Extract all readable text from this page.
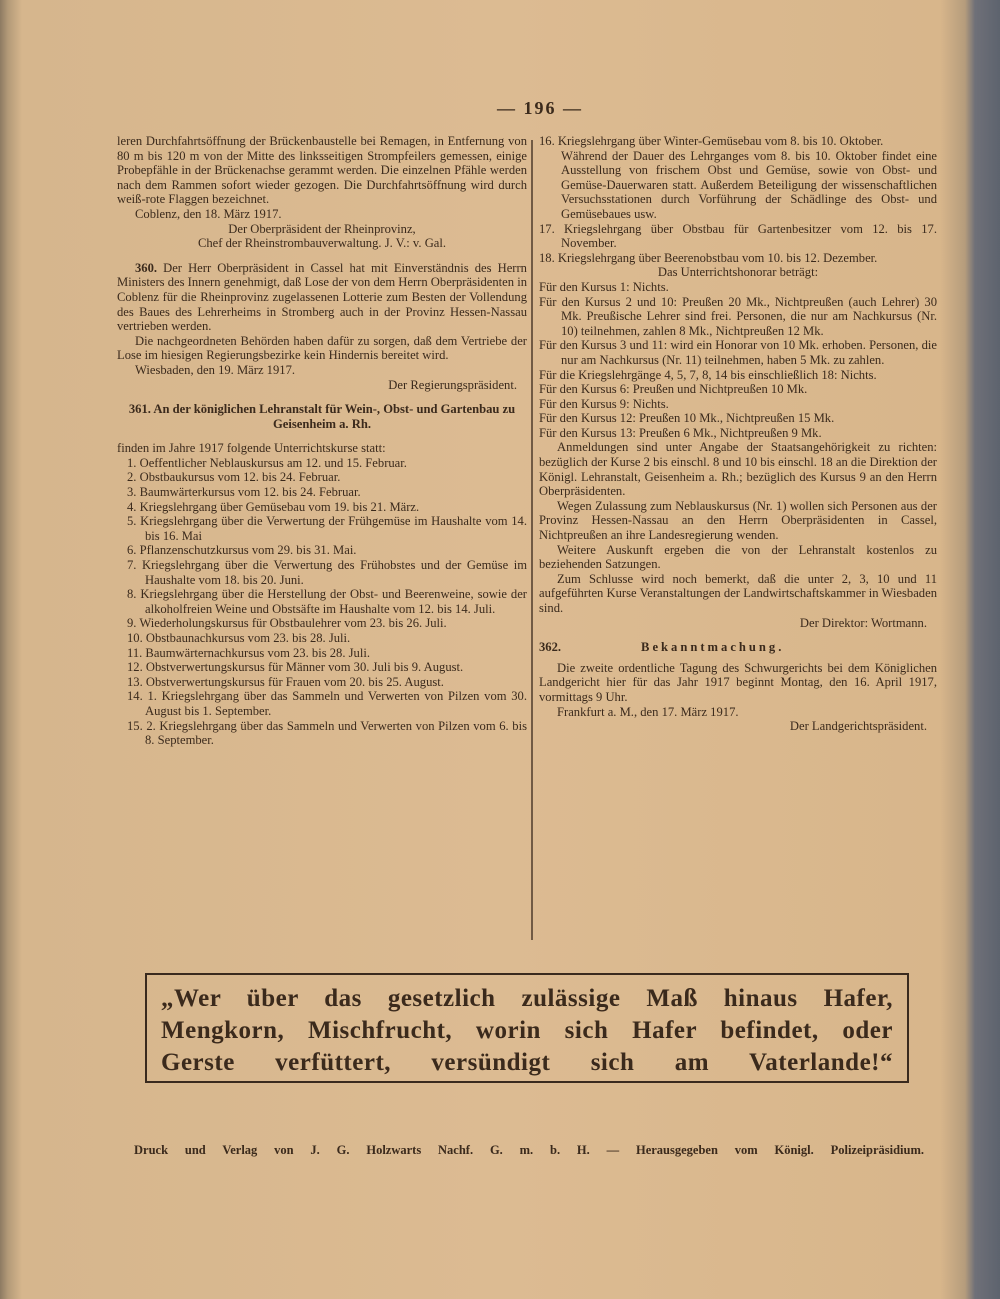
— 196 —

leren Durchfahrtsöffnung der Brückenbaustelle bei Remagen, in Entfernung von 80 m bis 120 m von der Mitte des linksseitigen Strompfeilers gemessen, einige Probepfähle in der Brückenachse gerammt werden. Die einzelnen Pfähle werden nach dem Rammen sofort wieder gezogen. Die Durchfahrtsöffnung wird durch weiß-rote Flaggen bezeichnet.

Coblenz, den 18. März 1917.

Der Oberpräsident der Rheinprovinz,

Chef der Rheinstrombauverwaltung. J. V.: v. Gal.

360. Der Herr Oberpräsident in Cassel hat mit Einverständnis des Herrn Ministers des Innern genehmigt, daß Lose der von dem Herrn Oberpräsidenten in Coblenz für die Rheinprovinz zugelassenen Lotterie zum Besten der Vollendung des Baues des Lehrerheims in Stromberg auch in der Provinz Hessen-Nassau vertrieben werden.

Die nachgeordneten Behörden haben dafür zu sorgen, daß dem Vertriebe der Lose im hiesigen Regierungsbezirke kein Hindernis bereitet wird.

Wiesbaden, den 19. März 1917.

Der Regierungspräsident.

361. An der königlichen Lehranstalt für Wein-, Obst- und Gartenbau zu Geisenheim a. Rh.

finden im Jahre 1917 folgende Unterrichtskurse statt:

1. Oeffentlicher Neblauskursus am 12. und 15. Februar.

2. Obstbaukursus vom 12. bis 24. Februar.

3. Baumwärterkursus vom 12. bis 24. Februar.

4. Kriegslehrgang über Gemüsebau vom 19. bis 21. März.

5. Kriegslehrgang über die Verwertung der Frühgemüse im Haushalte vom 14. bis 16. Mai

6. Pflanzenschutzkursus vom 29. bis 31. Mai.

7. Kriegslehrgang über die Verwertung des Frühobstes und der Gemüse im Haushalte vom 18. bis 20. Juni.

8. Kriegslehrgang über die Herstellung der Obst- und Beerenweine, sowie der alkoholfreien Weine und Obstsäfte im Haushalte vom 12. bis 14. Juli.

9. Wiederholungskursus für Obstbaulehrer vom 23. bis 26. Juli.

10. Obstbaunachkursus vom 23. bis 28. Juli.

11. Baumwärternachkursus vom 23. bis 28. Juli.

12. Obstverwertungskursus für Männer vom 30. Juli bis 9. August.

13. Obstverwertungskursus für Frauen vom 20. bis 25. August.

14. 1. Kriegslehrgang über das Sammeln und Verwerten von Pilzen vom 30. August bis 1. September.

15. 2. Kriegslehrgang über das Sammeln und Verwerten von Pilzen vom 6. bis 8. September.

16. Kriegslehrgang über Winter-Gemüsebau vom 8. bis 10. Oktober.

Während der Dauer des Lehrganges vom 8. bis 10. Oktober findet eine Ausstellung von frischem Obst und Gemüse, sowie von Obst- und Gemüse-Dauerwaren statt. Außerdem Beteiligung der wissenschaftlichen Versuchsstationen durch Vorführung der Schädlinge des Obst- und Gemüsebaues usw.

17. Kriegslehrgang über Obstbau für Gartenbesitzer vom 12. bis 17. November.

18. Kriegslehrgang über Beerenobstbau vom 10. bis 12. Dezember.

Das Unterrichtshonorar beträgt:

Für den Kursus 1: Nichts.

Für den Kursus 2 und 10: Preußen 20 Mk., Nichtpreußen (auch Lehrer) 30 Mk. Preußische Lehrer sind frei. Personen, die nur am Nachkursus (Nr. 10) teilnehmen, zahlen 8 Mk., Nichtpreußen 12 Mk.

Für den Kursus 3 und 11: wird ein Honorar von 10 Mk. erhoben. Personen, die nur am Nachkursus (Nr. 11) teilnehmen, haben 5 Mk. zu zahlen.

Für die Kriegslehrgänge 4, 5, 7, 8, 14 bis einschließlich 18: Nichts.

Für den Kursus 6: Preußen und Nichtpreußen 10 Mk.

Für den Kursus 9: Nichts.

Für den Kursus 12: Preußen 10 Mk., Nichtpreußen 15 Mk.

Für den Kursus 13: Preußen 6 Mk., Nichtpreußen 9 Mk.

Anmeldungen sind unter Angabe der Staatsangehörigkeit zu richten: bezüglich der Kurse 2 bis einschl. 8 und 10 bis einschl. 18 an die Direktion der Königl. Lehranstalt, Geisenheim a. Rh.; bezüglich des Kursus 9 an den Herrn Oberpräsidenten.

Wegen Zulassung zum Neblauskursus (Nr. 1) wollen sich Personen aus der Provinz Hessen-Nassau an den Herrn Oberpräsidenten in Cassel, Nichtpreußen an ihre Landesregierung wenden.

Weitere Auskunft ergeben die von der Lehranstalt kostenlos zu beziehenden Satzungen.

Zum Schlusse wird noch bemerkt, daß die unter 2, 3, 10 und 11 aufgeführten Kurse Veranstaltungen der Landwirtschaftskammer in Wiesbaden sind.

Der Direktor: Wortmann.

362.	Bekanntmachung.

Die zweite ordentliche Tagung des Schwurgerichts bei dem Königlichen Landgericht hier für das Jahr 1917 beginnt Montag, den 16. April 1917, vormittags 9 Uhr.

Frankfurt a. M., den 17. März 1917.

Der Landgerichtspräsident.

„Wer über das gesetzlich zulässige Maß hinaus Hafer,
Mengkorn, Mischfrucht, worin sich Hafer befindet, oder
Gerste verfüttert, versündigt sich am Vaterlande!“
Druck und Verlag von J. G. Holzwarts Nachf. G. m. b. H. — Herausgegeben vom Königl. Polizeipräsidium.
